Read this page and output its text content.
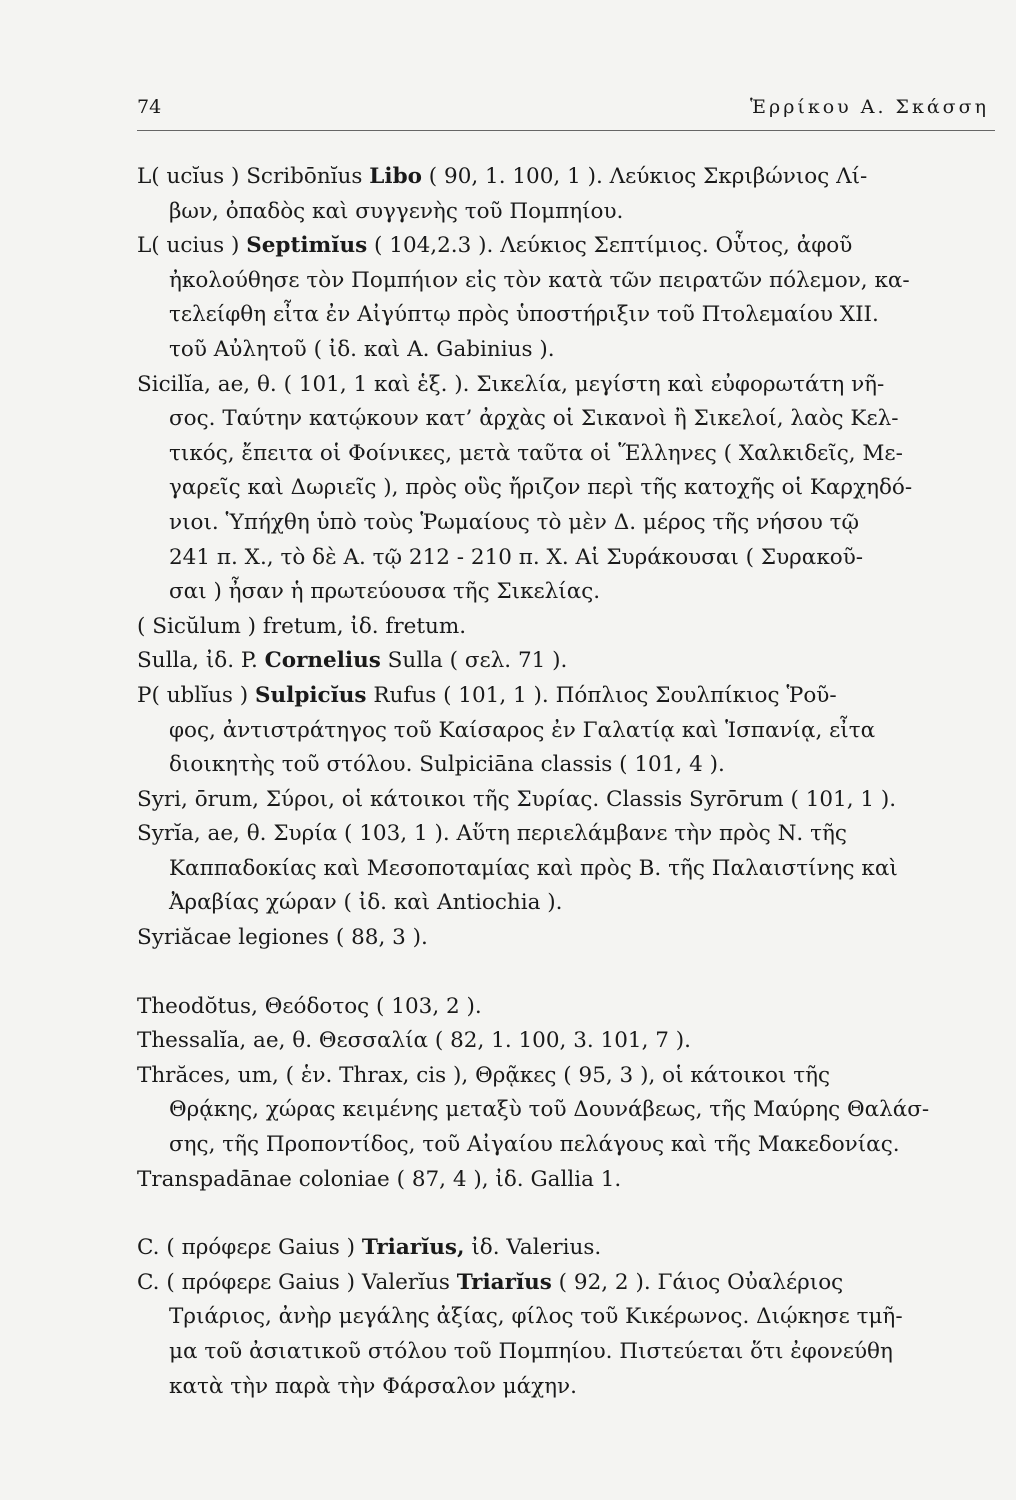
74	Ἑρρίκου Α. Σκάσση
L( ucĭus ) Scribōnĭus Libo ( 90, 1. 100, 1 ). Λεύκιος Σκριβώνιος Λί-
βων, ὀπαδὸς καὶ συγγενὴς τοῦ Πομπηίου.
L( ucius ) Septimĭus ( 104,2.3 ). Λεύκιος Σεπτίμιος. Οὗτος, ἀφοῦ
ἠκολούθησε τὸν Πομπήιον εἰς τὸν κατὰ τῶν πειρατῶν πόλεμον, κα-
τελείφθη εἶτα ἐν Αἰγύπτῳ πρὸς ὑποστήριξιν τοῦ Πτολεμαίου XII.
τοῦ Αὐλητοῦ ( ἰδ. καὶ Α. Gabinius ).
Sicilĭa, ae, θ. ( 101, 1 καὶ ἑξ. ). Σικελία, μεγίστη καὶ εὐφορωτάτη νῆ-
σος. Ταύτην κατῴκουν κατ’ ἀρχὰς οἱ Σικανοὶ ἢ Σικελοί, λαὸς Κελ-
τικός, ἔπειτα οἱ Φοίνικες, μετὰ ταῦτα οἱ Ἕλληνες ( Χαλκιδεῖς, Με-
γαρεῖς καὶ Δωριεῖς ), πρὸς οὓς ἤριζον περὶ τῆς κατοχῆς οἱ Καρχηδό-
νιοι. Ὑπήχθη ὑπὸ τοὺς Ῥωμαίους τὸ μὲν Δ. μέρος τῆς νήσου τῷ
241 π. Χ., τὸ δὲ Α. τῷ 212 - 210 π. Χ. Αἱ Συράκουσαι ( Συρακοῦ-
σαι ) ἦσαν ἡ πρωτεύουσα τῆς Σικελίας.
( Sicŭlum ) fretum, ἰδ. fretum.
Sulla, ἰδ. P. Cornelius Sulla ( σελ. 71 ).
P( ublĭus ) Sulpicĭus Rufus ( 101, 1 ). Πόπλιος Σουλπίκιος Ῥοῦ-
φος, ἀντιστράτηγος τοῦ Καίσαρος ἐν Γαλατίᾳ καὶ Ἱσπανίᾳ, εἶτα
διοικητὴς τοῦ στόλου. Sulpiciāna classis ( 101, 4 ).
Syri, ōrum, Σύροι, οἱ κάτοικοι τῆς Συρίας. Classis Syrōrum ( 101, 1 ).
Syrĭa, ae, θ. Συρία ( 103, 1 ). Αὕτη περιελάμβανε τὴν πρὸς Ν. τῆς
Καππαδοκίας καὶ Μεσοποταμίας καὶ πρὸς Β. τῆς Παλαιστίνης καὶ
Ἀραβίας χώραν ( ἰδ. καὶ Antiochia ).
Syriăcae legiones ( 88, 3 ).
Theodŏtus, Θεόδοτος ( 103, 2 ).
Thessalĭa, ae, θ. Θεσσαλία ( 82, 1. 100, 3. 101, 7 ).
Thrăces, um, ( ἑν. Thrax, cis ), Θρᾷκες ( 95, 3 ), οἱ κάτοικοι τῆς
Θρᾴκης, χώρας κειμένης μεταξὺ τοῦ Δουνάβεως, τῆς Μαύρης Θαλάσ-
σης, τῆς Προποντίδος, τοῦ Αἰγαίου πελάγους καὶ τῆς Μακεδονίας.
Transpadānae coloniae ( 87, 4 ), ἰδ. Gallia 1.
C. ( πρόφερε Gaius ) Triarĭus, ἰδ. Valerius.
C. ( πρόφερε Gaius ) Valerĭus Triarĭus ( 92, 2 ). Γάιος Οὐαλέριος
Τριάριος, ἀνὴρ μεγάλης ἀξίας, φίλος τοῦ Κικέρωνος. Διῴκησε τμῆ-
μα τοῦ ἀσιατικοῦ στόλου τοῦ Πομπηίου. Πιστεύεται ὅτι ἐφονεύθη
κατὰ τὴν παρὰ τὴν Φάρσαλον μάχην.
